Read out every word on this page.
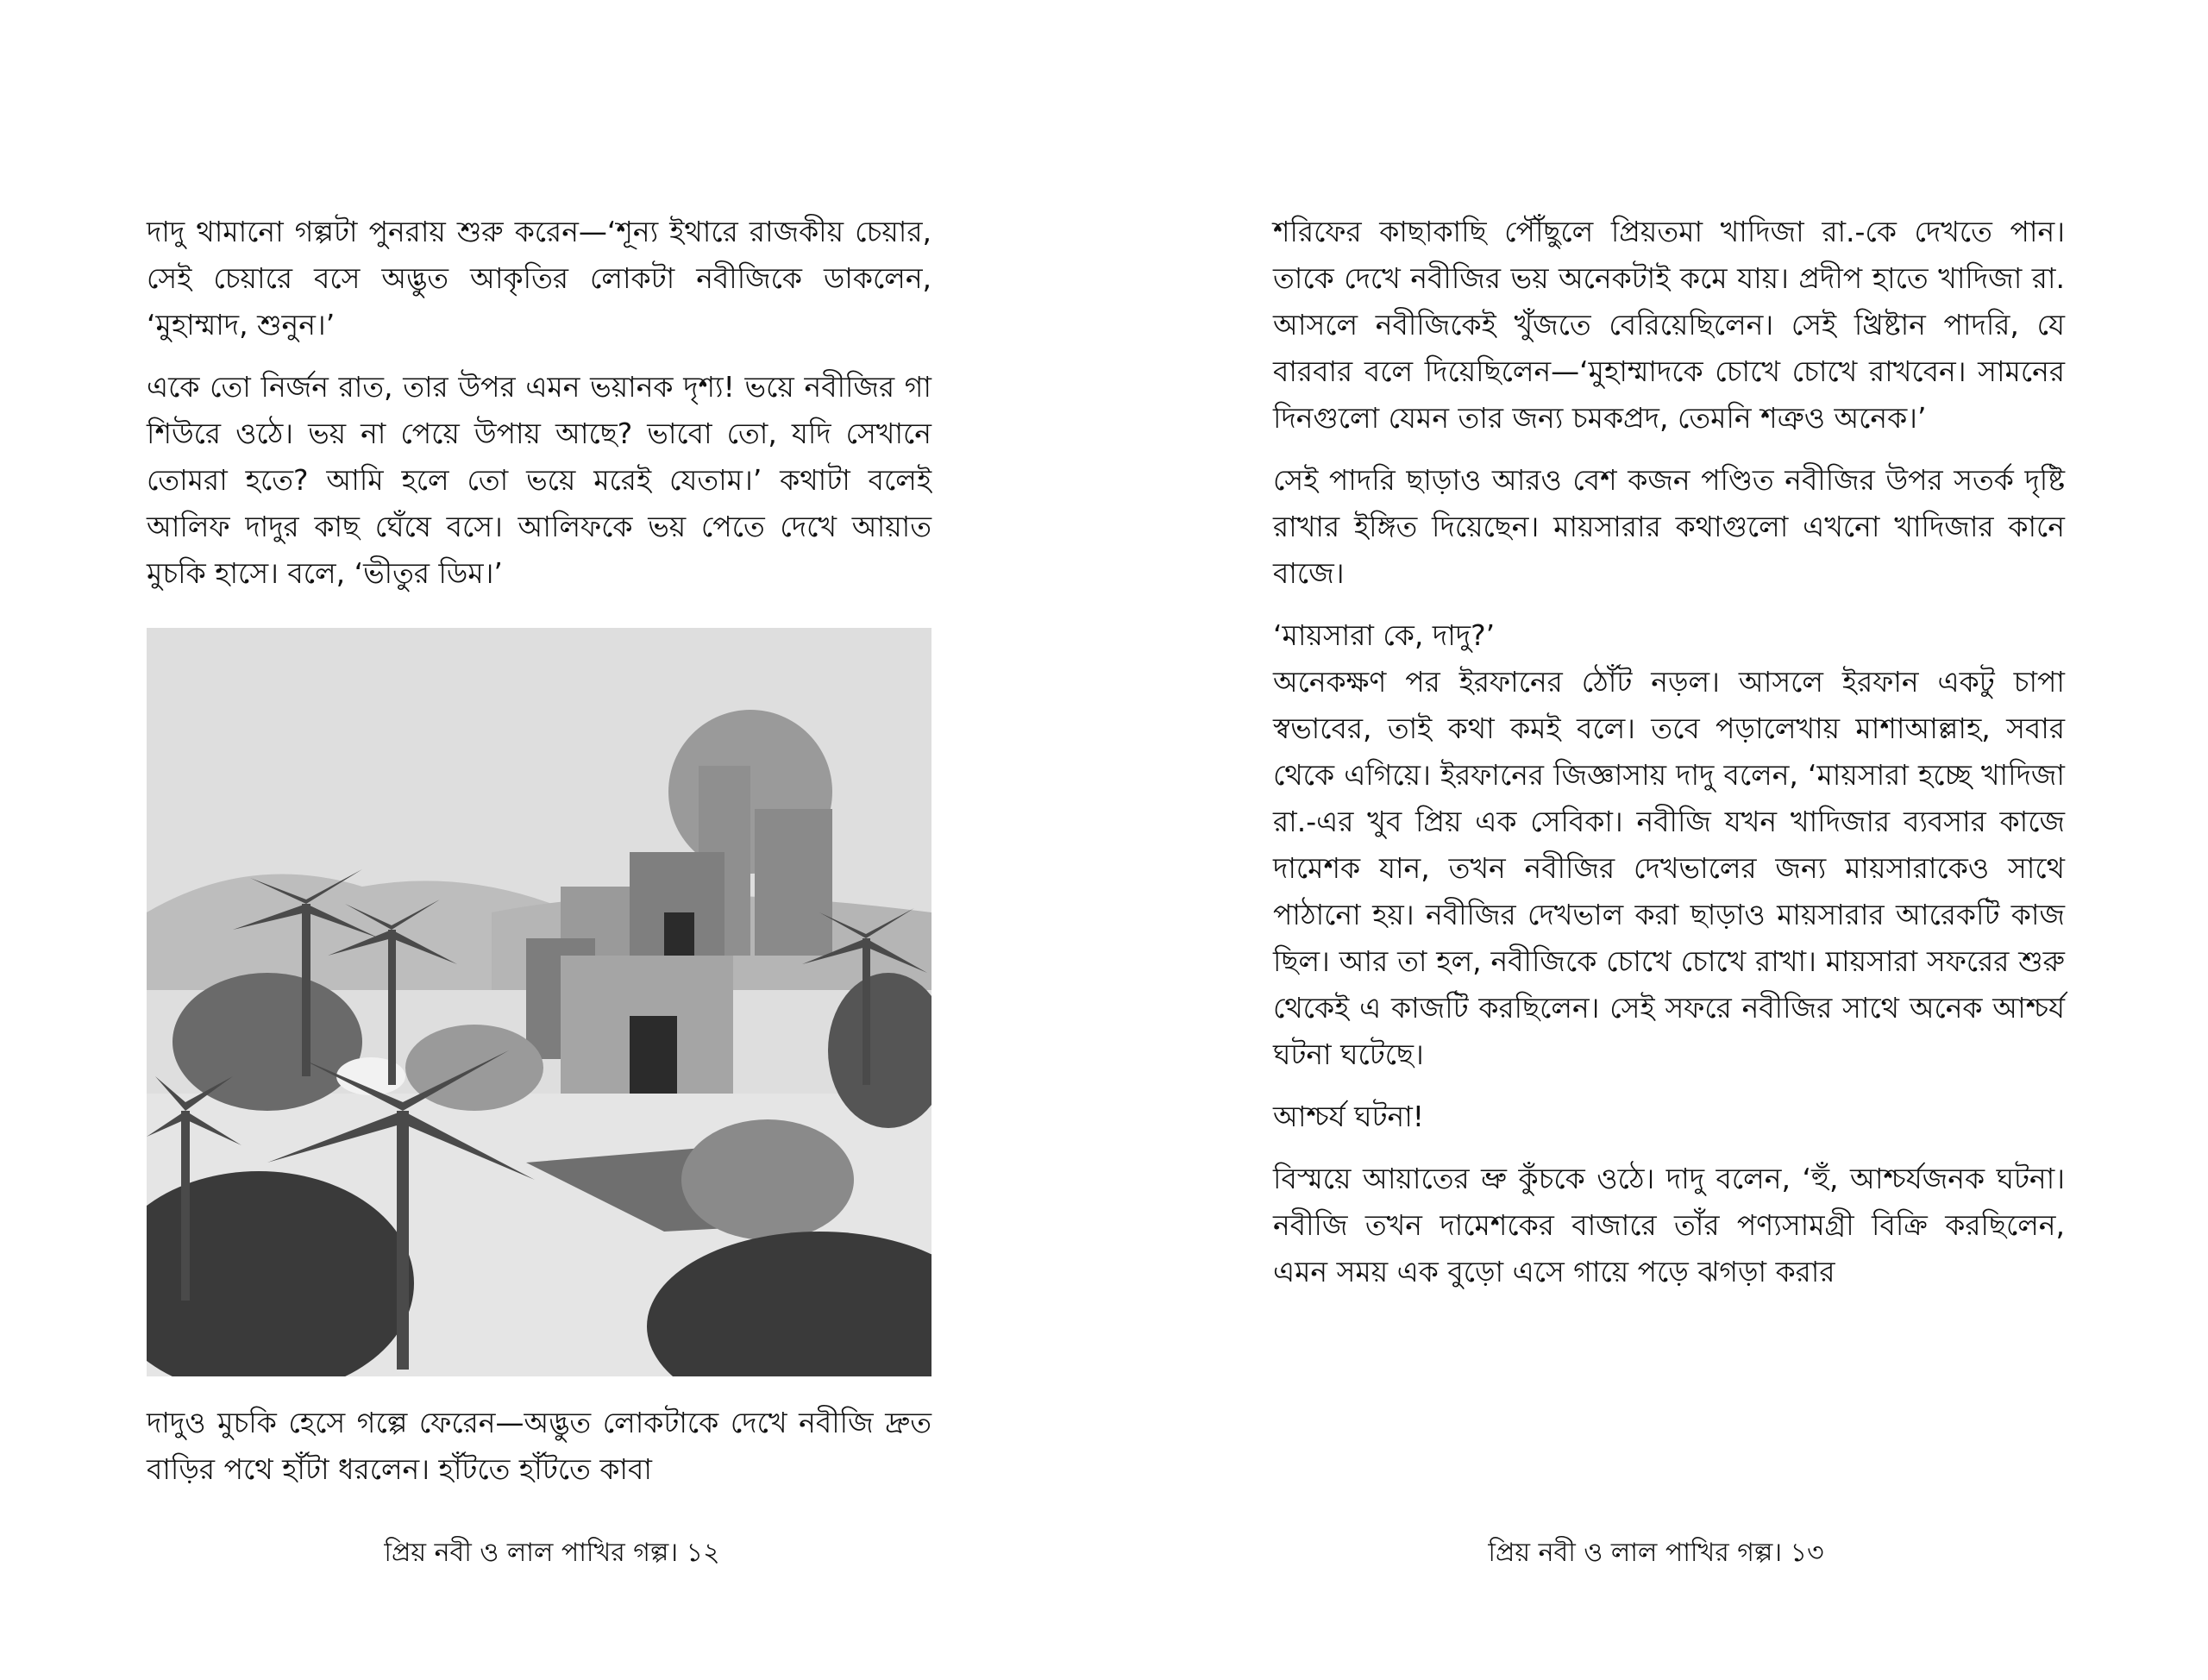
দাদু থামানো গল্পটা পুনরায় শুরু করেন—‘শূন্য ইথারে রাজকীয় চেয়ার, সেই চেয়ারে বসে অদ্ভুত আকৃতির লোকটা নবীজিকে ডাকলেন, ‘মুহাম্মাদ, শুনুন।’

একে তো নির্জন রাত, তার উপর এমন ভয়ানক দৃশ্য! ভয়ে নবীজির গা শিউরে ওঠে। ভয় না পেয়ে উপায় আছে? ভাবো তো, যদি সেখানে তোমরা হতে? আমি হলে তো ভয়ে মরেই যেতাম।’ কথাটা বলেই আলিফ দাদুর কাছ ঘেঁষে বসে। আলিফকে ভয় পেতে দেখে আয়াত মুচকি হাসে। বলে, ‘ভীতুর ডিম।’

দাদুও মুচকি হেসে গল্পে ফেরেন—অদ্ভুত লোকটাকে দেখে নবীজি দ্রুত বাড়ির পথে হাঁটা ধরলেন। হাঁটতে হাঁটতে কাবা

প্রিয় নবী ও লাল পাখির গল্প। ১২

শরিফের কাছাকাছি পৌঁছুলে প্রিয়তমা খাদিজা রা.-কে দেখতে পান। তাকে দেখে নবীজির ভয় অনেকটাই কমে যায়। প্রদীপ হাতে খাদিজা রা. আসলে নবীজিকেই খুঁজতে বেরিয়েছিলেন। সেই খ্রিষ্টান পাদরি, যে বারবার বলে দিয়েছিলেন—‘মুহাম্মাদকে চোখে চোখে রাখবেন। সামনের দিনগুলো যেমন তার জন্য চমকপ্রদ, তেমনি শত্রুও অনেক।’

সেই পাদরি ছাড়াও আরও বেশ কজন পণ্ডিত নবীজির উপর সতর্ক দৃষ্টি রাখার ইঙ্গিত দিয়েছেন। মায়সারার কথাগুলো এখনো খাদিজার কানে বাজে।

‘মায়সারা কে, দাদু?’
অনেকক্ষণ পর ইরফানের ঠোঁট নড়ল। আসলে ইরফান একটু চাপা স্বভাবের, তাই কথা কমই বলে। তবে পড়ালেখায় মাশাআল্লাহ, সবার থেকে এগিয়ে। ইরফানের জিজ্ঞাসায় দাদু বলেন, ‘মায়সারা হচ্ছে খাদিজা রা.-এর খুব প্রিয় এক সেবিকা। নবীজি যখন খাদিজার ব্যবসার কাজে দামেশক যান, তখন নবীজির দেখভালের জন্য মায়সারাকেও সাথে পাঠানো হয়। নবীজির দেখভাল করা ছাড়াও মায়সারার আরেকটি কাজ ছিল। আর তা হল, নবীজিকে চোখে চোখে রাখা। মায়সারা সফরের শুরু থেকেই এ কাজটি করছিলেন। সেই সফরে নবীজির সাথে অনেক আশ্চর্য ঘটনা ঘটেছে।

আশ্চর্য ঘটনা!

বিস্ময়ে আয়াতের ভ্রু কুঁচকে ওঠে। দাদু বলেন, ‘হুঁ, আশ্চর্যজনক ঘটনা। নবীজি তখন দামেশকের বাজারে তাঁর পণ্যসামগ্রী বিক্রি করছিলেন, এমন সময় এক বুড়ো এসে গায়ে পড়ে ঝগড়া করার

প্রিয় নবী ও লাল পাখির গল্প। ১৩
